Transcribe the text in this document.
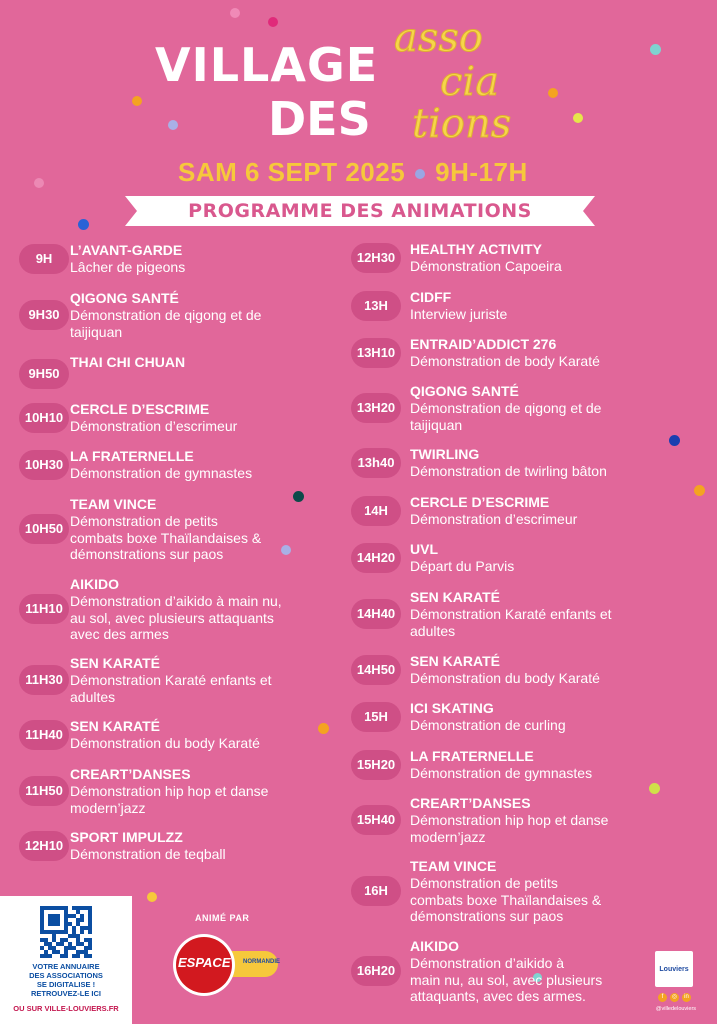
VILLAGE
DES
asso
cia
tions
SAM 6 SEPT 2025 9H-17H
PROGRAMME DES ANIMATIONS
9H
L’AVANT-GARDE
Lâcher de pigeons
9H30
QIGONG SANTÉ
Démonstration de qigong et de
taijiquan
9H50
THAI CHI CHUAN
10H10
CERCLE D’ESCRIME
Démonstration d’escrimeur
10H30
LA FRATERNELLE
Démonstration de gymnastes
10H50
TEAM VINCE
Démonstration de petits
combats boxe Thaïlandaises &
démonstrations sur paos
11H10
AIKIDO
Démonstration d’aikido à main nu,
au sol, avec plusieurs attaquants
avec des armes
11H30
SEN KARATÉ
Démonstration Karaté enfants et
adultes
11H40
SEN KARATÉ
Démonstration du body Karaté
11H50
CREART’DANSES
Démonstration hip hop et danse
modern’jazz
12H10
SPORT IMPULZZ
Démonstration de teqball
12H30
HEALTHY ACTIVITY
Démonstration Capoeira
13H
CIDFF
Interview juriste
13H10
ENTRAID’ADDICT 276
Démonstration de body Karaté
13H20
QIGONG SANTÉ
Démonstration de qigong et de
taijiquan
13h40
TWIRLING
Démonstration de twirling bâton
14H
CERCLE D’ESCRIME
Démonstration d’escrimeur
14H20
UVL
Départ du Parvis
14H40
SEN KARATÉ
Démonstration Karaté enfants et
adultes
14H50
SEN KARATÉ
Démonstration du body Karaté
15H
ICI SKATING
Démonstration de curling
15H20
LA FRATERNELLE
Démonstration de gymnastes
15H40
CREART’DANSES
Démonstration hip hop et danse
modern’jazz
16H
TEAM VINCE
Démonstration de petits
combats boxe Thaïlandaises &
démonstrations sur paos
16H20
AIKIDO
Démonstration d’aikido à
main nu, au sol, avec plusieurs
attaquants, avec des armes.
VOTRE ANNUAIRE
DES ASSOCIATIONS
SE DIGITALISE !
RETROUVEZ-LE ICI
OU SUR VILLE-LOUVIERS.FR
ANIMÉ PAR
ESPACE NORMANDIE
Louviers
f	◎	in
@villedelouviers
